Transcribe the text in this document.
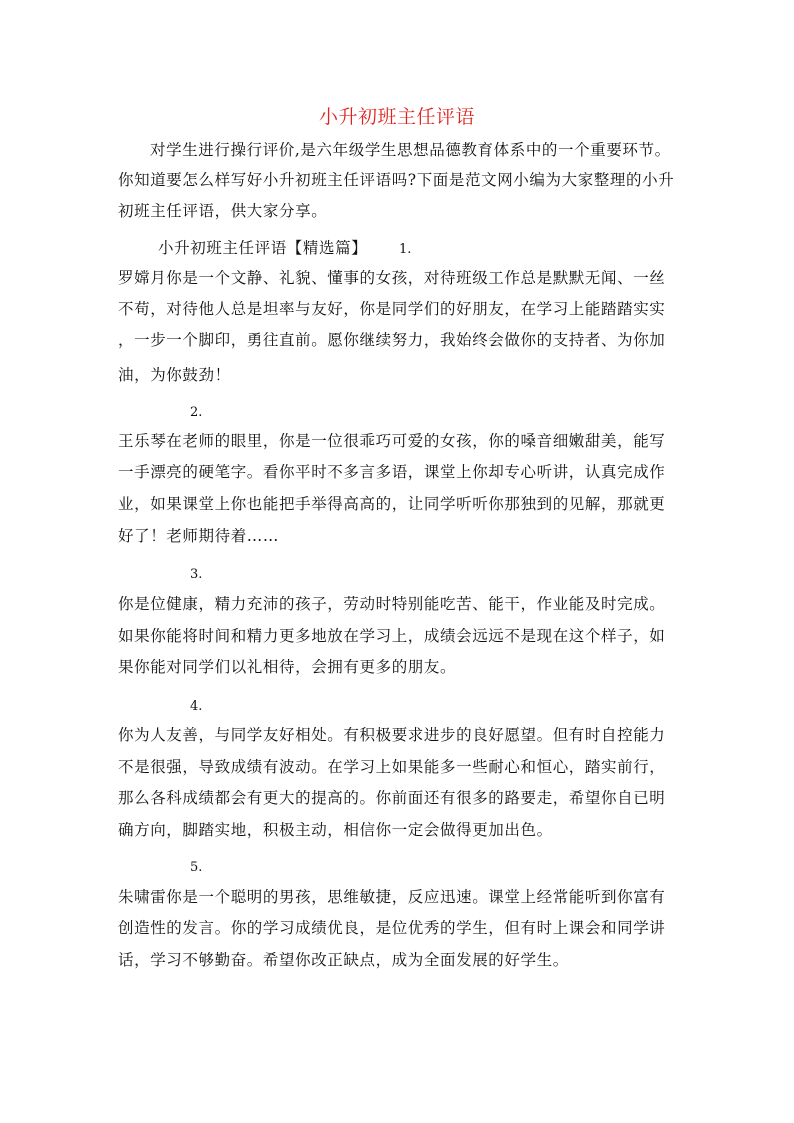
小升初班主任评语
对学生进行操行评价,是六年级学生思想品德教育体系中的一个重要环节。
你知道要怎么样写好小升初班主任评语吗?下面是范文网小编为大家整理的小升
初班主任评语，供大家分享。
小升初班主任评语【精选篇】 1.
罗嫦月你是一个文静、礼貌、懂事的女孩，对待班级工作总是默默无闻、一丝
不苟，对待他人总是坦率与友好，你是同学们的好朋友，在学习上能踏踏实实
，一步一个脚印，勇往直前。愿你继续努力，我始终会做你的支持者、为你加
油，为你鼓劲！
2.
王乐琴在老师的眼里，你是一位很乖巧可爱的女孩，你的嗓音细嫩甜美，能写
一手漂亮的硬笔字。看你平时不多言多语，课堂上你却专心听讲，认真完成作
业，如果课堂上你也能把手举得高高的，让同学听听你那独到的见解，那就更
好了！老师期待着……
3.
你是位健康，精力充沛的孩子，劳动时特别能吃苦、能干，作业能及时完成。
如果你能将时间和精力更多地放在学习上，成绩会远远不是现在这个样子，如
果你能对同学们以礼相待，会拥有更多的朋友。
4.
你为人友善，与同学友好相处。有积极要求进步的良好愿望。但有时自控能力
不是很强，导致成绩有波动。在学习上如果能多一些耐心和恒心，踏实前行，
那么各科成绩都会有更大的提高的。你前面还有很多的路要走，希望你自已明
确方向，脚踏实地，积极主动，相信你一定会做得更加出色。
5.
朱啸雷你是一个聪明的男孩，思维敏捷，反应迅速。课堂上经常能听到你富有
创造性的发言。你的学习成绩优良，是位优秀的学生，但有时上课会和同学讲
话，学习不够勤奋。希望你改正缺点，成为全面发展的好学生。
